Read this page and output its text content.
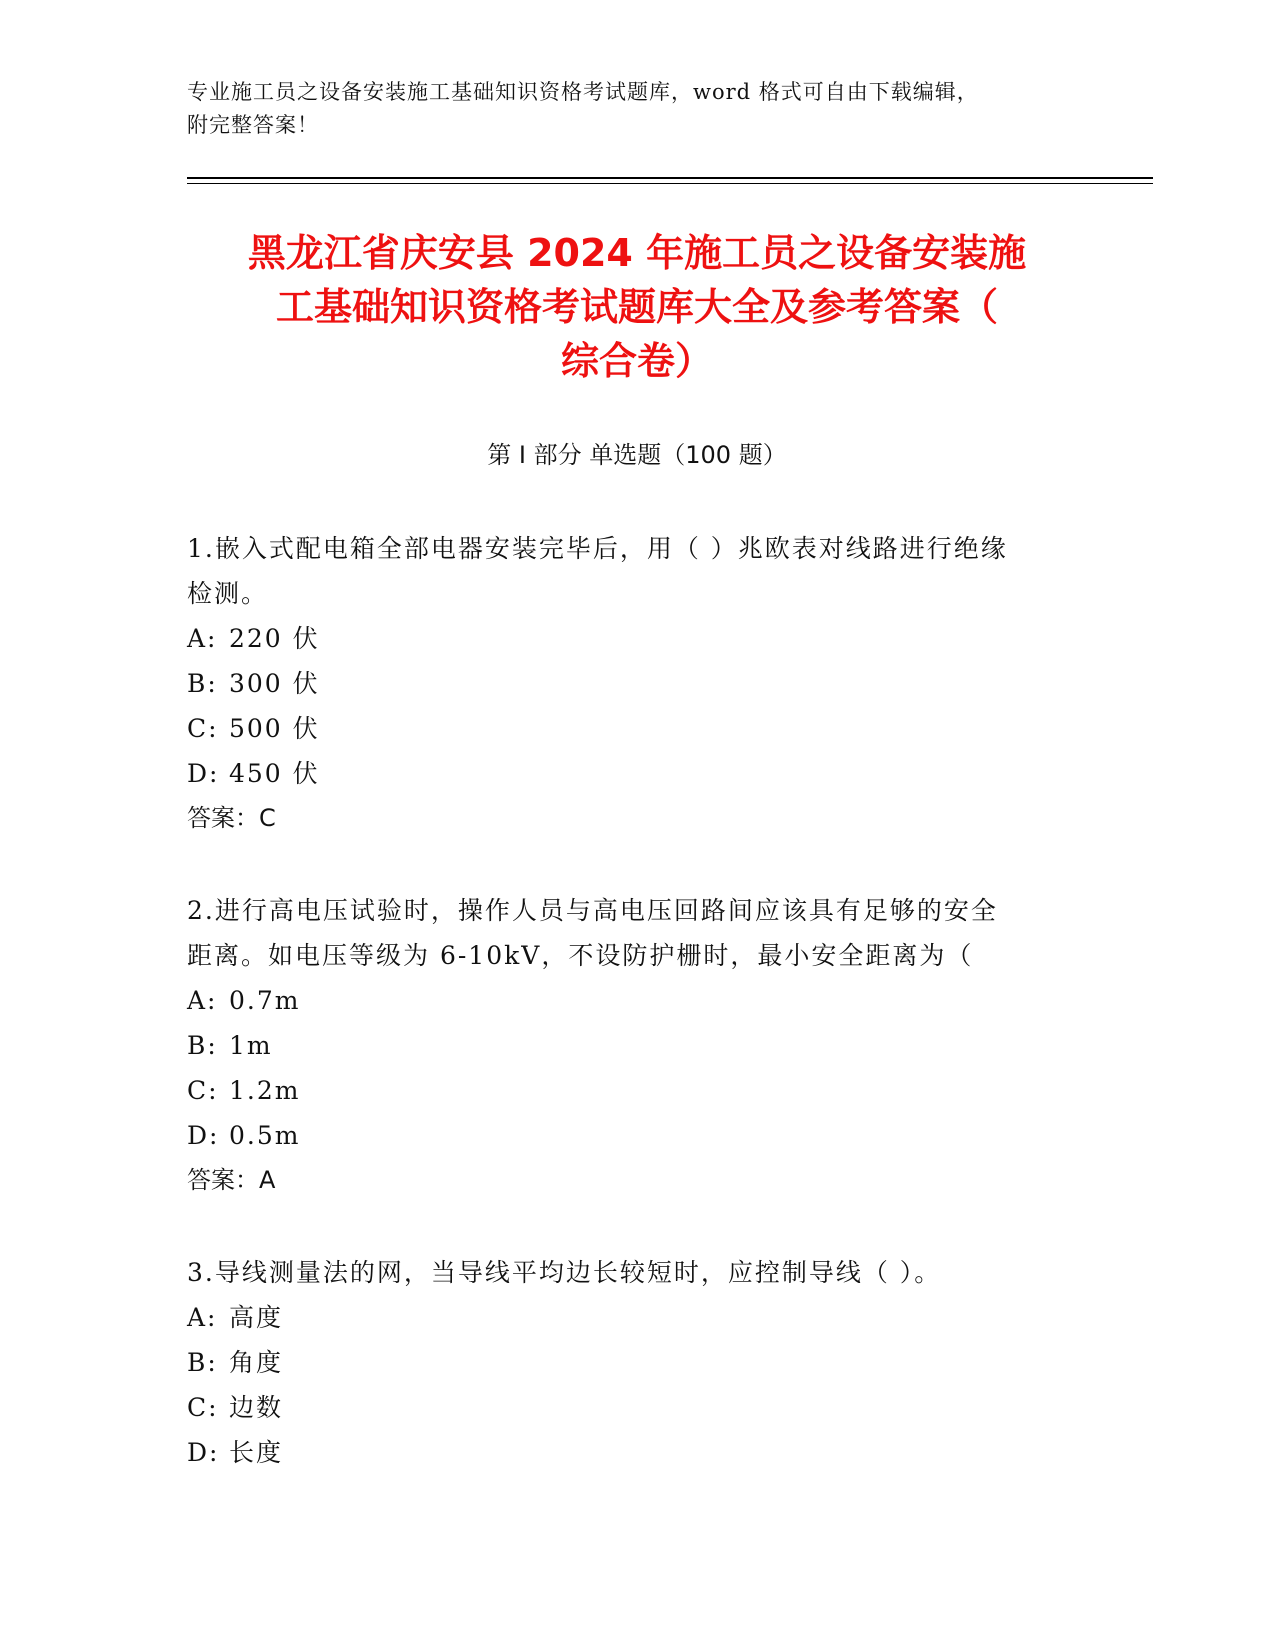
专业施工员之设备安装施工基础知识资格考试题库，word 格式可自由下载编辑，
附完整答案！
黑龙江省庆安县 2024 年施工员之设备安装施
工基础知识资格考试题库大全及参考答案（
综合卷）
第 I 部分 单选题（100 题）
1.嵌入式配电箱全部电器安装完毕后，用（ ）兆欧表对线路进行绝缘
检测。
A: 220 伏
B: 300 伏
C: 500 伏
D: 450 伏
答案：C
2.进行高电压试验时，操作人员与高电压回路间应该具有足够的安全
距离。如电压等级为 6-10kV，不设防护栅时，最小安全距离为（
A: 0.7m
B: 1m
C: 1.2m
D: 0.5m
答案：A
3.导线测量法的网，当导线平均边长较短时，应控制导线（ ）。
A: 高度
B: 角度
C: 边数
D: 长度
